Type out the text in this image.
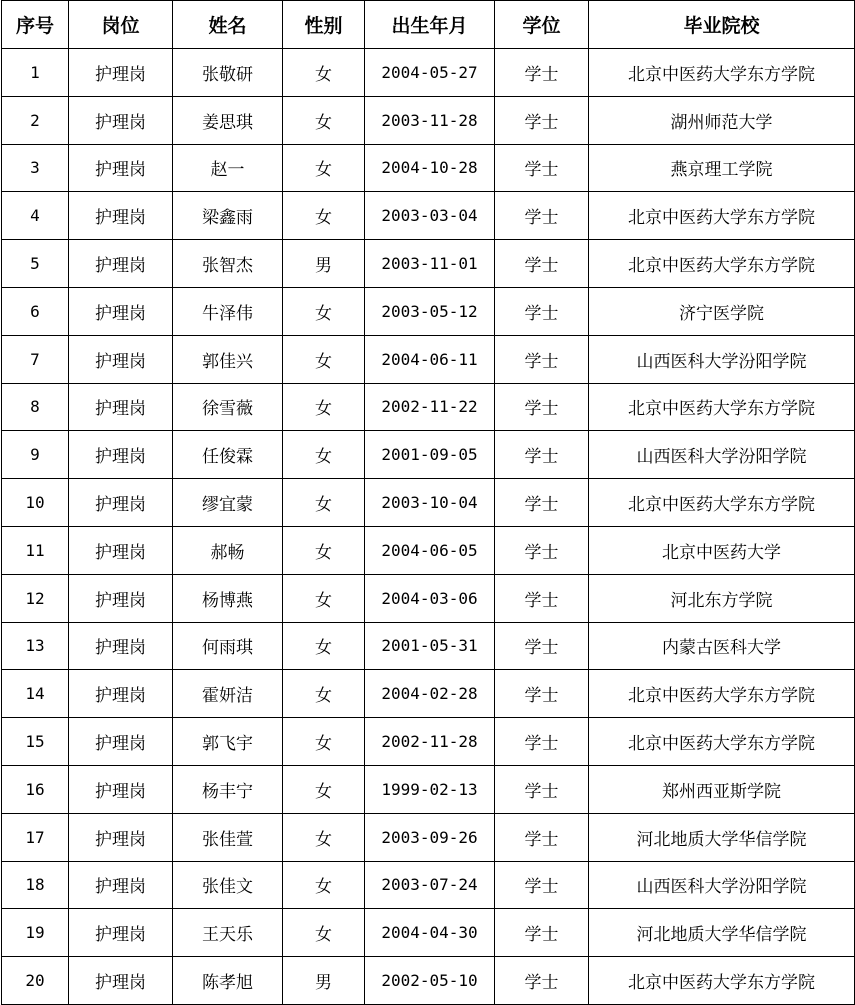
序号	岗位	姓名	性别	出生年月	学位	毕业院校
1	护理岗	张敬研	女	2004-05-27	学士	北京中医药大学东方学院
2	护理岗	姜思琪	女	2003-11-28	学士	湖州师范大学
3	护理岗	赵一	女	2004-10-28	学士	燕京理工学院
4	护理岗	梁鑫雨	女	2003-03-04	学士	北京中医药大学东方学院
5	护理岗	张智杰	男	2003-11-01	学士	北京中医药大学东方学院
6	护理岗	牛泽伟	女	2003-05-12	学士	济宁医学院
7	护理岗	郭佳兴	女	2004-06-11	学士	山西医科大学汾阳学院
8	护理岗	徐雪薇	女	2002-11-22	学士	北京中医药大学东方学院
9	护理岗	任俊霖	女	2001-09-05	学士	山西医科大学汾阳学院
10	护理岗	缪宜蒙	女	2003-10-04	学士	北京中医药大学东方学院
11	护理岗	郝畅	女	2004-06-05	学士	北京中医药大学
12	护理岗	杨博燕	女	2004-03-06	学士	河北东方学院
13	护理岗	何雨琪	女	2001-05-31	学士	内蒙古医科大学
14	护理岗	霍妍洁	女	2004-02-28	学士	北京中医药大学东方学院
15	护理岗	郭飞宇	女	2002-11-28	学士	北京中医药大学东方学院
16	护理岗	杨丰宁	女	1999-02-13	学士	郑州西亚斯学院
17	护理岗	张佳萱	女	2003-09-26	学士	河北地质大学华信学院
18	护理岗	张佳文	女	2003-07-24	学士	山西医科大学汾阳学院
19	护理岗	王天乐	女	2004-04-30	学士	河北地质大学华信学院
20	护理岗	陈孝旭	男	2002-05-10	学士	北京中医药大学东方学院
